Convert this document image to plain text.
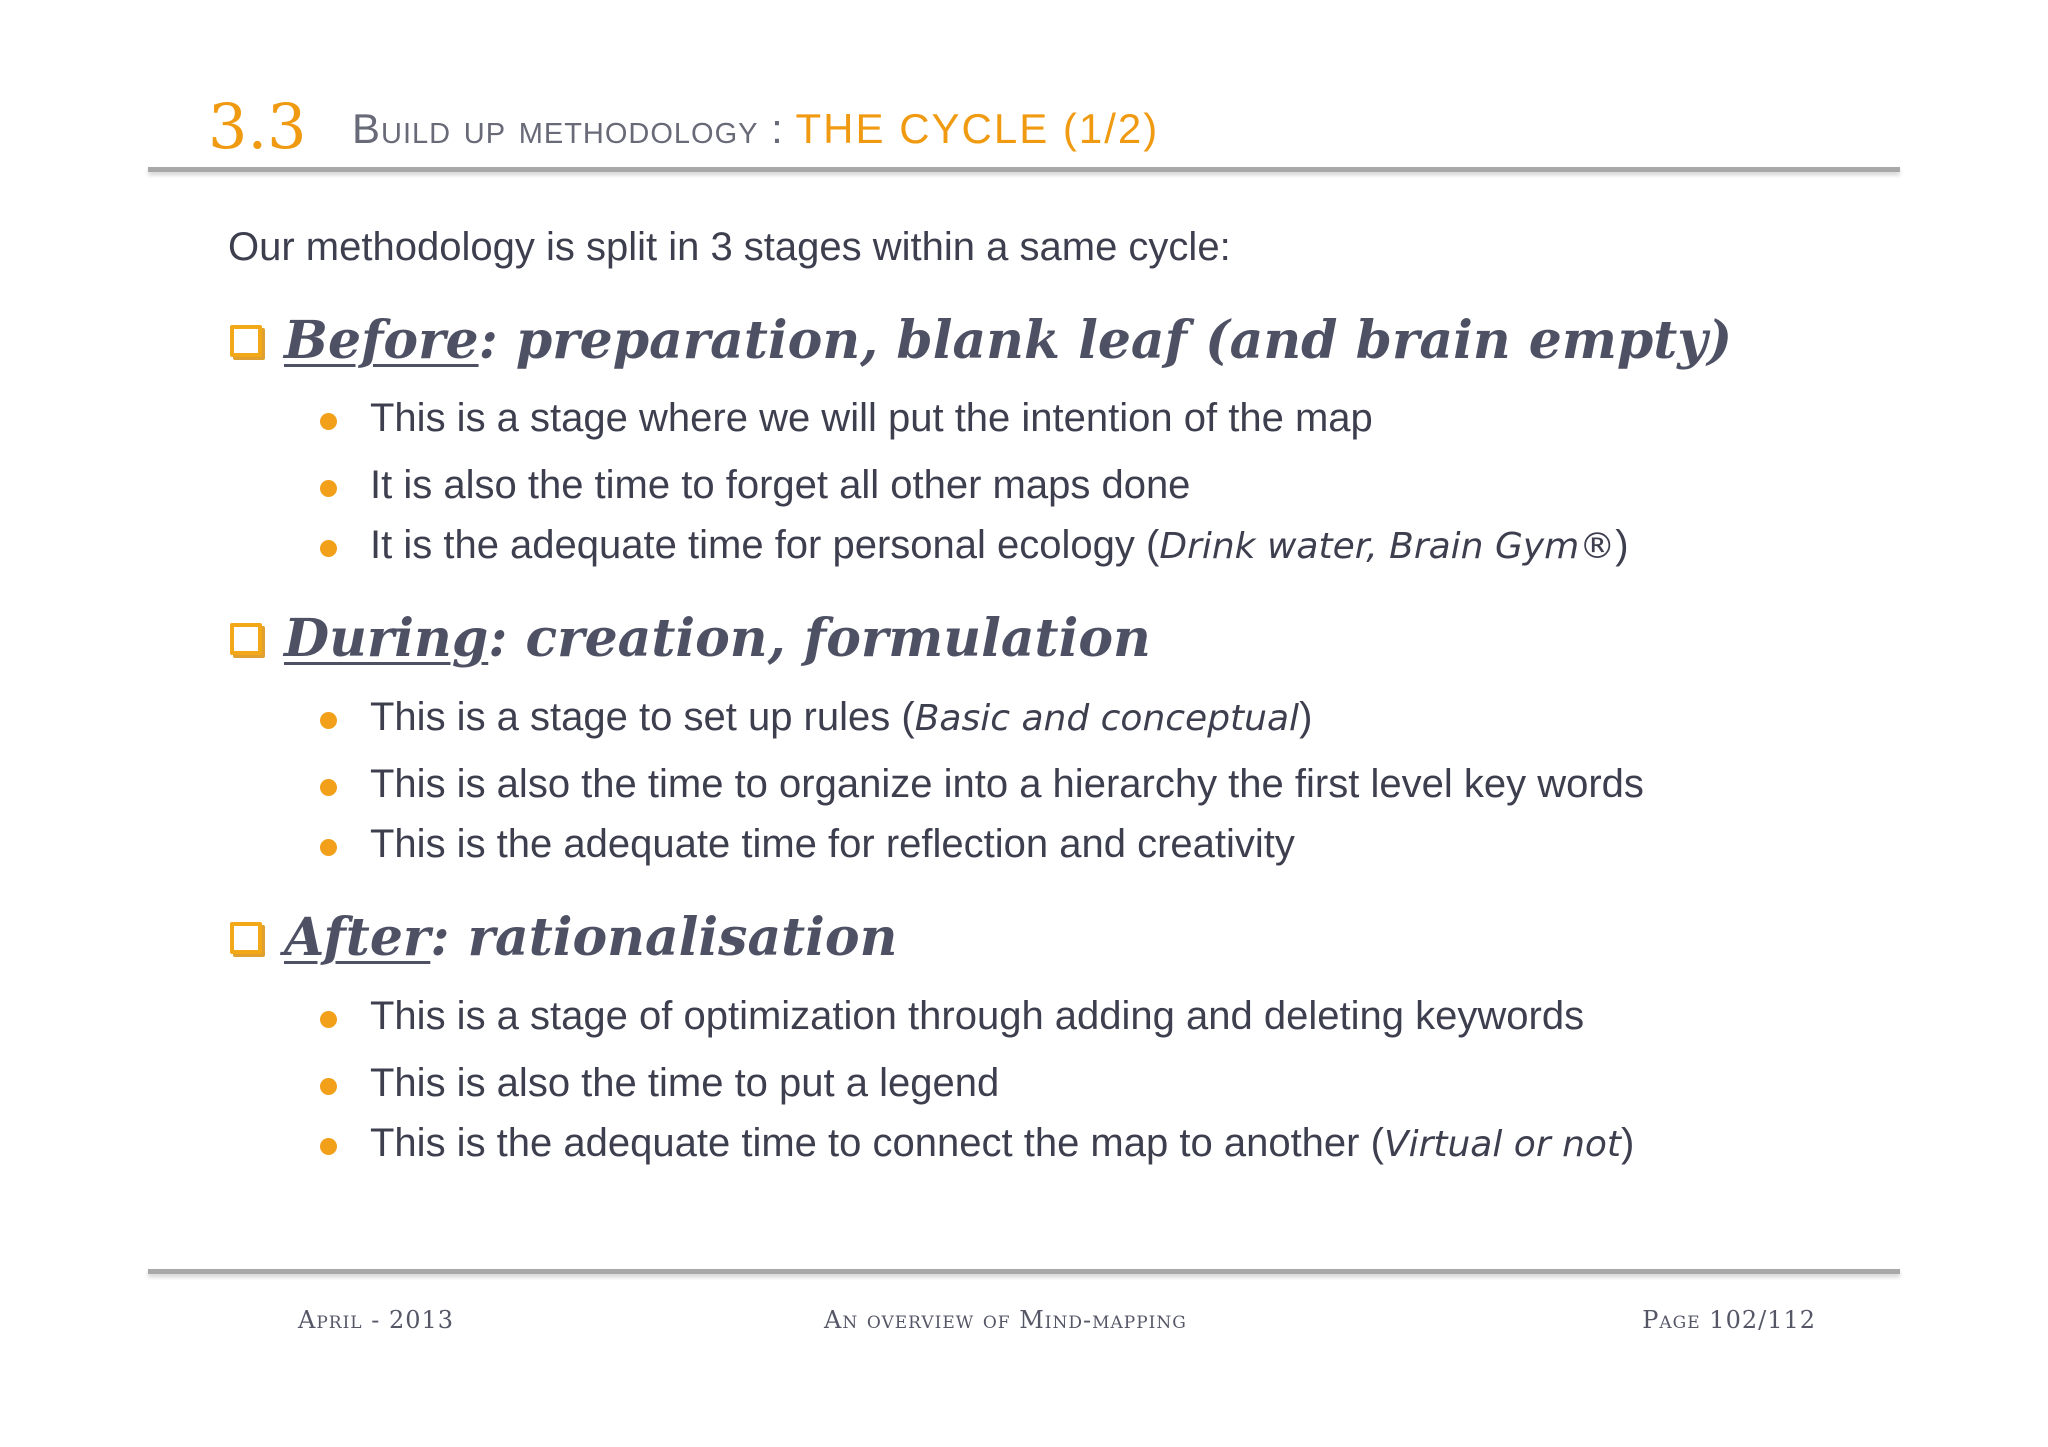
3.3 Build up methodology : THE CYCLE (1/2)
Our methodology is split in 3 stages within a same cycle:
Before : preparation, blank leaf (and brain empty)
This is a stage where we will put the intention of the map
It is also the time to forget all other maps done
It is the adequate time for personal ecology (Drink water, Brain Gym®)
During : creation, formulation
This is a stage to set up rules (Basic and conceptual)
This is also the time to organize into a hierarchy the first level key words
This is the adequate time for reflection and creativity
After : rationalisation
This is a stage of optimization through adding and deleting keywords
This is also the time to put a legend
This is the adequate time to connect the map to another (Virtual or not)
April - 2013	An overview of Mind-mapping	Page 102/112
